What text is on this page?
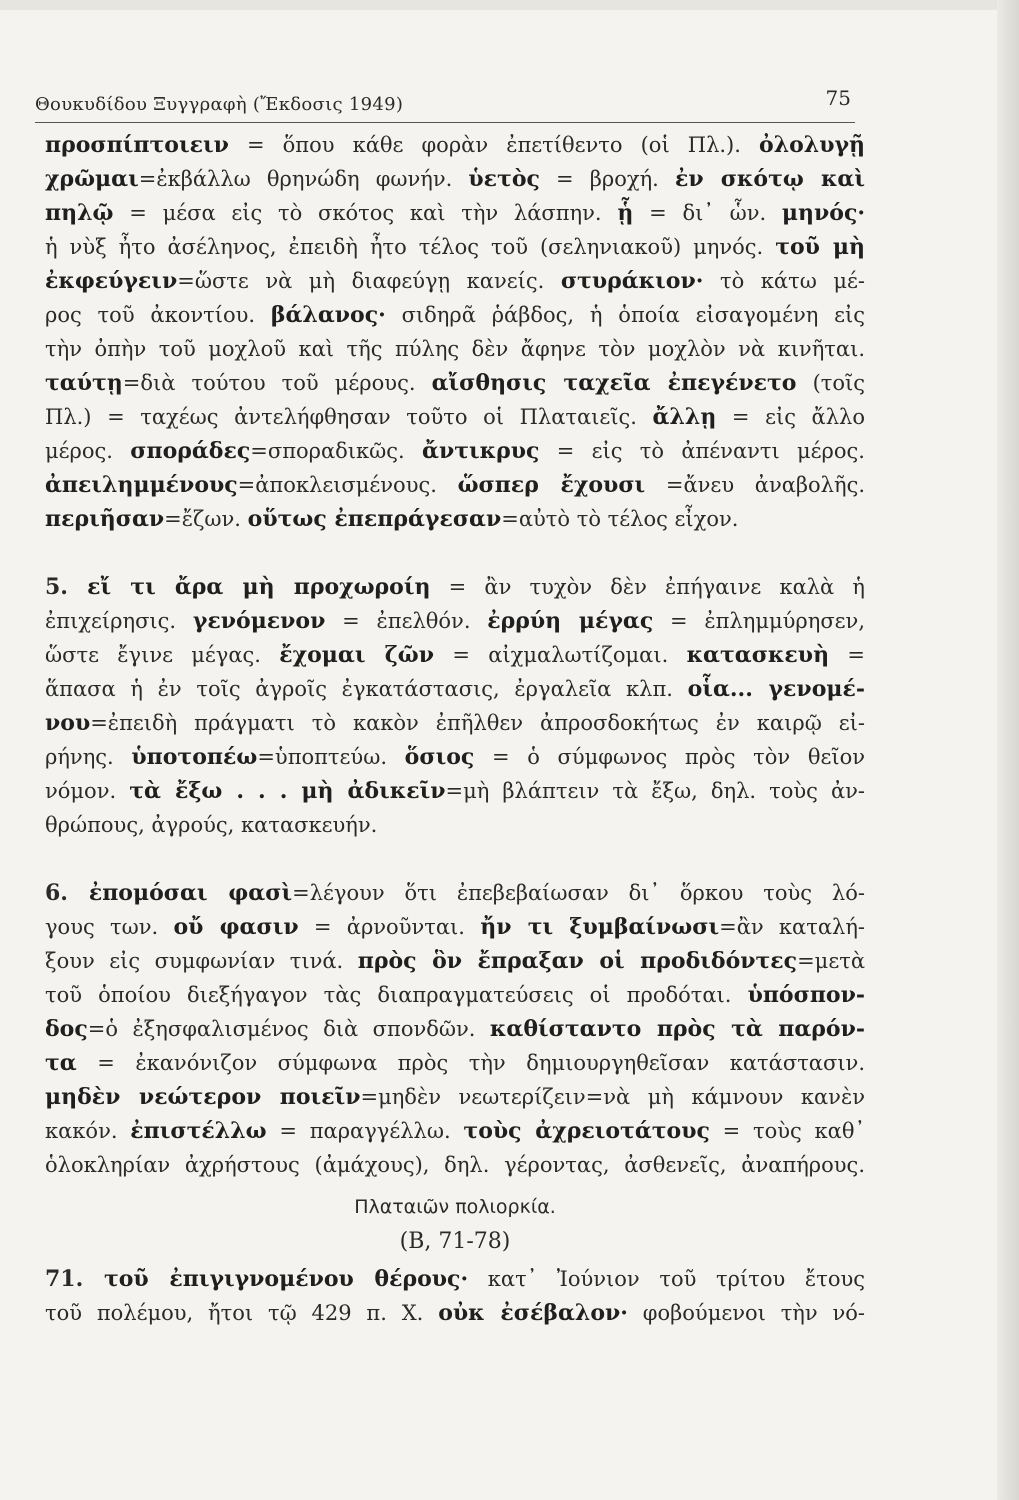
Θουκυδίδου Ξυγγραφὴ (Ἔκδοσις 1949)	75
προσπίπτοιειν = ὅπου κάθε φορὰν ἐπετίθεντο (οἱ Πλ.). ὀλολυγῇ
χρῶμαι=ἐκβάλλω θρηνώδη φωνήν. ὑετὸς = βροχή. ἐν σκότῳ καὶ
πηλῷ = μέσα εἰς τὸ σκότος καὶ τὴν λάσπην. ᾗ = δι᾿ ὧν. μηνός·
ἡ νὺξ ἦτο ἀσέληνος, ἐπειδὴ ἦτο τέλος τοῦ (σεληνιακοῦ) μηνός. τοῦ μὴ
ἐκφεύγειν=ὥστε νὰ μὴ διαφεύγῃ κανείς. στυράκιον· τὸ κάτω μέ-
ρος τοῦ ἀκοντίου. βάλανος· σιδηρᾶ ῥάβδος, ἡ ὁποία εἰσαγομένη εἰς
τὴν ὀπὴν τοῦ μοχλοῦ καὶ τῆς πύλης δὲν ἄφηνε τὸν μοχλὸν νὰ κινῆται.
ταύτῃ=διὰ τούτου τοῦ μέρους. αἴσθησις ταχεῖα ἐπεγένετο (τοῖς
Πλ.) = ταχέως ἀντελήφθησαν τοῦτο οἱ Πλαταιεῖς. ἄλλῃ = εἰς ἄλλο
μέρος. σποράδες=σποραδικῶς. ἄντικρυς = εἰς τὸ ἀπέναντι μέρος.
ἀπειλημμένους=ἀποκλεισμένους. ὥσπερ ἔχουσι =ἄνευ ἀναβολῆς.
περιῆσαν=ἔζων. οὕτως ἐπεπράγεσαν=αὐτὸ τὸ τέλος εἶχον.
5. εἴ τι ἄρα μὴ προχωροίη = ἂν τυχὸν δὲν ἐπήγαινε καλὰ ἡ
ἐπιχείρησις. γενόμενον = ἐπελθόν. ἐρρύη μέγας = ἐπλημμύρησεν,
ὥστε ἔγινε μέγας. ἔχομαι ζῶν = αἰχμαλωτίζομαι. κατασκευὴ =
ἅπασα ἡ ἐν τοῖς ἀγροῖς ἐγκατάστασις, ἐργαλεῖα κλπ. οἷα... γενομέ-
νου=ἐπειδὴ πράγματι τὸ κακὸν ἐπῆλθεν ἀπροσδοκήτως ἐν καιρῷ εἰ-
ρήνης. ὑποτοπέω=ὑποπτεύω. ὅσιος = ὁ σύμφωνος πρὸς τὸν θεῖον
νόμον. τὰ ἔξω . . . μὴ ἀδικεῖν=μὴ βλάπτειν τὰ ἔξω, δηλ. τοὺς ἀν-
θρώπους, ἀγρούς, κατασκευήν.
6. ἐπομόσαι φασὶ=λέγουν ὅτι ἐπεβεβαίωσαν δι᾿ ὅρκου τοὺς λό-
γους των. οὔ φασιν = ἀρνοῦνται. ἤν τι ξυμβαίνωσι=ἂν καταλή-
ξουν εἰς συμφωνίαν τινά. πρὸς ὃν ἔπραξαν οἱ προδιδόντες=μετὰ
τοῦ ὁποίου διεξήγαγον τὰς διαπραγματεύσεις οἱ προδόται. ὑπόσπον-
δος=ὁ ἐξησφαλισμένος διὰ σπονδῶν. καθίσταντο πρὸς τὰ παρόν-
τα = ἐκανόνιζον σύμφωνα πρὸς τὴν δημιουργηθεῖσαν κατάστασιν.
μηδὲν νεώτερον ποιεῖν=μηδὲν νεωτερίζειν=νὰ μὴ κάμνουν κανὲν
κακόν. ἐπιστέλλω = παραγγέλλω. τοὺς ἀχρειοτάτους = τοὺς καθ᾿
ὁλοκληρίαν ἀχρήστους (ἀμάχους), δηλ. γέροντας, ἀσθενεῖς, ἀναπήρους.
Πλαταιῶν πολιορκία.
(Β, 71-78)
71. τοῦ ἐπιγιγνομένου θέρους· κατ᾿ Ἰούνιον τοῦ τρίτου ἔτους
τοῦ πολέμου, ἤτοι τῷ 429 π. Χ. οὐκ ἐσέβαλον· φοβούμενοι τὴν νό-
